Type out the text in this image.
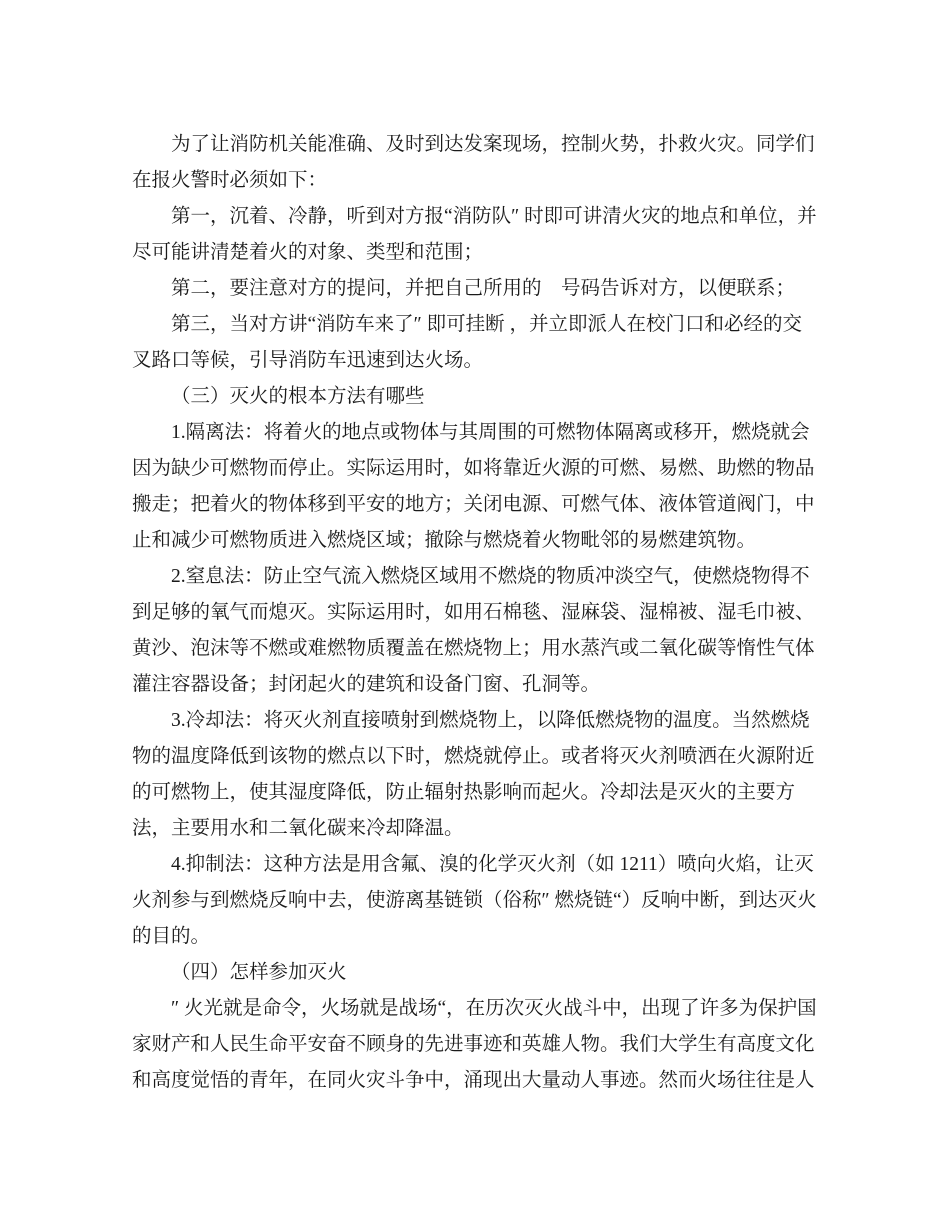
为了让消防机关能准确、及时到达发案现场，控制火势，扑救火灾。同学们
在报火警时必须如下：
第一，沉着、冷静，听到对方报“消防队″ 时即可讲清火灾的地点和单位，并
尽可能讲清楚着火的对象、类型和范围；
第二，要注意对方的提问，并把自己所用的　号码告诉对方，以便联系；
第三，当对方讲“消防车来了″ 即可挂断 ，并立即派人在校门口和必经的交
叉路口等候，引导消防车迅速到达火场。
（三）灭火的根本方法有哪些
1.隔离法：将着火的地点或物体与其周围的可燃物体隔离或移开，燃烧就会
因为缺少可燃物而停止。实际运用时，如将靠近火源的可燃、易燃、助燃的物品
搬走；把着火的物体移到平安的地方；关闭电源、可燃气体、液体管道阀门，中
止和减少可燃物质进入燃烧区域；撤除与燃烧着火物毗邻的易燃建筑物。
2.窒息法：防止空气流入燃烧区域用不燃烧的物质冲淡空气，使燃烧物得不
到足够的氧气而熄灭。实际运用时，如用石棉毯、湿麻袋、湿棉被、湿毛巾被、
黄沙、泡沫等不燃或难燃物质覆盖在燃烧物上；用水蒸汽或二氧化碳等惰性气体
灌注容器设备；封闭起火的建筑和设备门窗、孔洞等。
3.冷却法：将灭火剂直接喷射到燃烧物上，以降低燃烧物的温度。当然燃烧
物的温度降低到该物的燃点以下时，燃烧就停止。或者将灭火剂喷洒在火源附近
的可燃物上，使其湿度降低，防止辐射热影响而起火。冷却法是灭火的主要方
法，主要用水和二氧化碳来冷却降温。
4.抑制法：这种方法是用含氟、溴的化学灭火剂（如 1211）喷向火焰，让灭
火剂参与到燃烧反响中去，使游离基链锁（俗称″ 燃烧链“）反响中断，到达灭火
的目的。
（四）怎样参加灭火
″ 火光就是命令，火场就是战场“，在历次灭火战斗中，出现了许多为保护国
家财产和人民生命平安奋不顾身的先进事迹和英雄人物。我们大学生有高度文化
和高度觉悟的青年，在同火灾斗争中，涌现出大量动人事迹。然而火场往往是人
